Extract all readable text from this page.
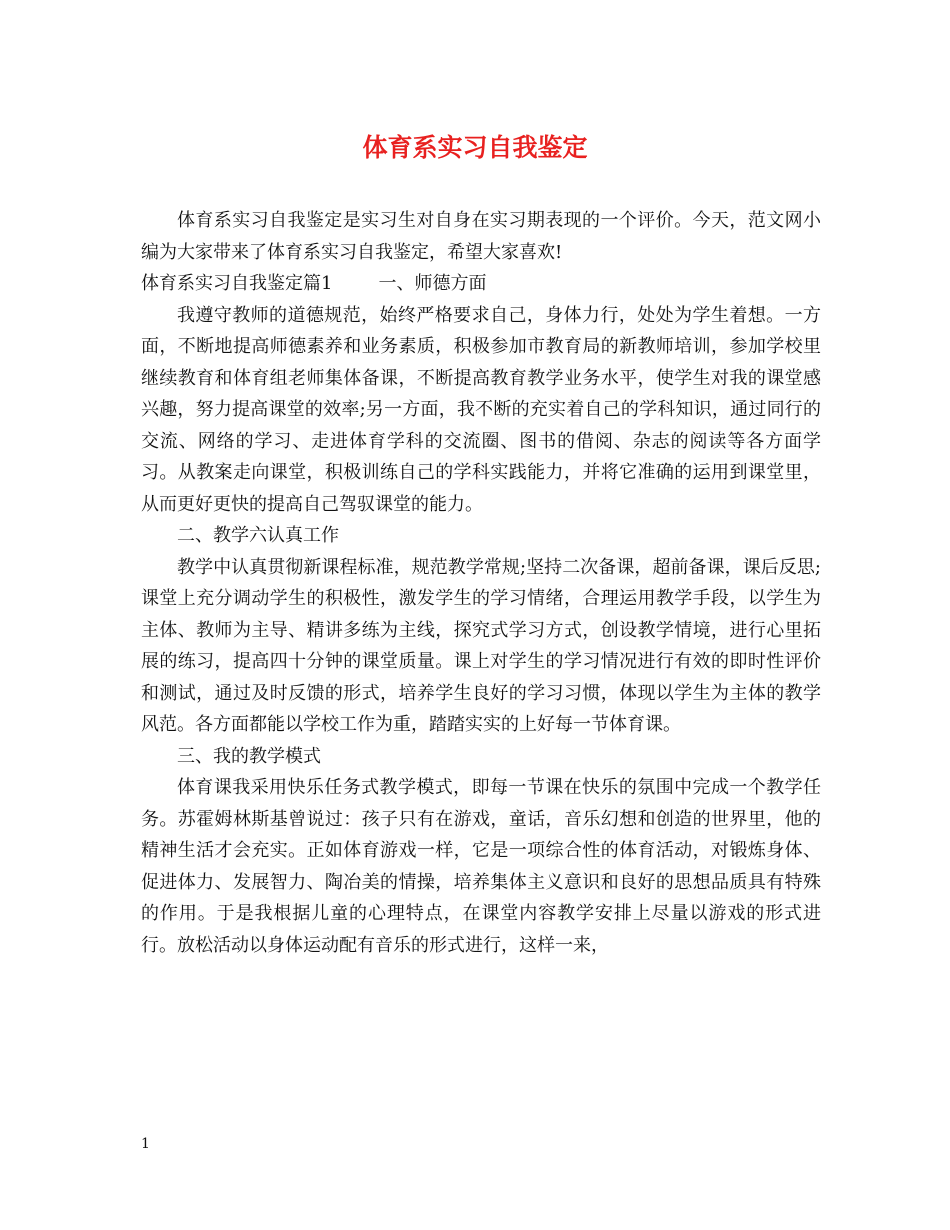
体育系实习自我鉴定

体育系实习自我鉴定是实习生对自身在实习期表现的一个评价。今天，范文网小编为大家带来了体育系实习自我鉴定，希望大家喜欢!

体育系实习自我鉴定篇1	一、师德方面

我遵守教师的道德规范，始终严格要求自己，身体力行，处处为学生着想。一方面，不断地提高师德素养和业务素质，积极参加市教育局的新教师培训，参加学校里继续教育和体育组老师集体备课，不断提高教育教学业务水平，使学生对我的课堂感兴趣，努力提高课堂的效率;另一方面，我不断的充实着自己的学科知识，通过同行的交流、网络的学习、走进体育学科的交流圈、图书的借阅、杂志的阅读等各方面学习。从教案走向课堂，积极训练自己的学科实践能力，并将它准确的运用到课堂里，从而更好更快的提高自己驾驭课堂的能力。

二、教学六认真工作

教学中认真贯彻新课程标准，规范教学常规;坚持二次备课，超前备课，课后反思;课堂上充分调动学生的积极性，激发学生的学习情绪，合理运用教学手段，以学生为主体、教师为主导、精讲多练为主线，探究式学习方式，创设教学情境，进行心里拓展的练习，提高四十分钟的课堂质量。课上对学生的学习情况进行有效的即时性评价和测试，通过及时反馈的形式，培养学生良好的学习习惯，体现以学生为主体的教学风范。各方面都能以学校工作为重，踏踏实实的上好每一节体育课。

三、我的教学模式

体育课我采用快乐任务式教学模式，即每一节课在快乐的氛围中完成一个教学任务。苏霍姆林斯基曾说过：孩子只有在游戏，童话，音乐幻想和创造的世界里，他的精神生活才会充实。正如体育游戏一样，它是一项综合性的体育活动，对锻炼身体、促进体力、发展智力、陶冶美的情操，培养集体主义意识和良好的思想品质具有特殊的作用。于是我根据儿童的心理特点，在课堂内容教学安排上尽量以游戏的形式进行。放松活动以身体运动配有音乐的形式进行，这样一来，

1
